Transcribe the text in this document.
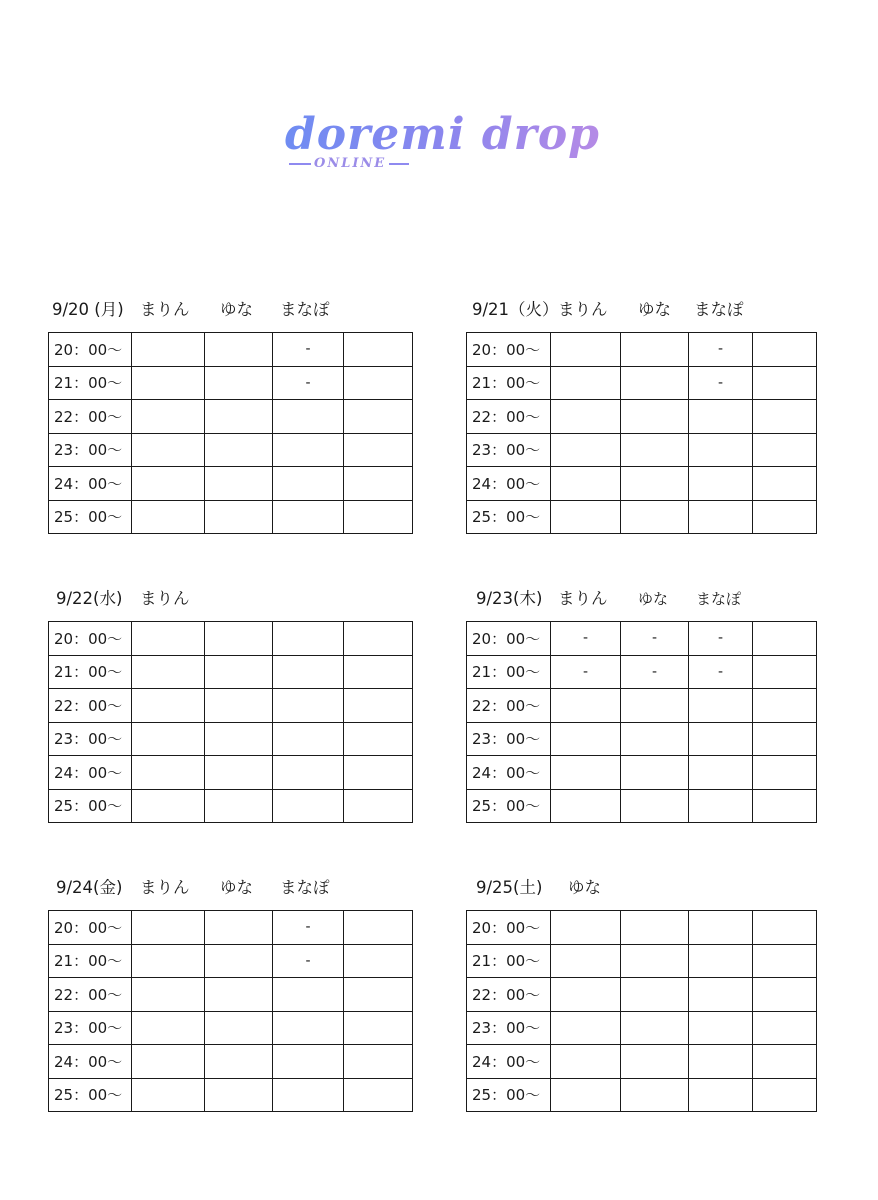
doremi drop
ONLINE
9/20 (月) まりん ゆな まなぽ
20：00〜			-	
21：00〜			-	
22：00〜				
23：00〜				
24：00〜				
25：00〜				
9/21（火） まりん ゆな まなぽ
20：00〜			-	
21：00〜			-	
22：00〜				
23：00〜				
24：00〜				
25：00〜				
9/22(水) まりん
20：00〜				
21：00〜				
22：00〜				
23：00〜				
24：00〜				
25：00〜				
9/23(木) まりん ゆな まなぽ
20：00〜	-	-	-	
21：00〜	-	-	-	
22：00〜				
23：00〜				
24：00〜				
25：00〜				
9/24(金) まりん ゆな まなぽ
20：00〜			-	
21：00〜			-	
22：00〜				
23：00〜				
24：00〜				
25：00〜				
9/25(土) ゆな
20：00〜				
21：00〜				
22：00〜				
23：00〜				
24：00〜				
25：00〜				
